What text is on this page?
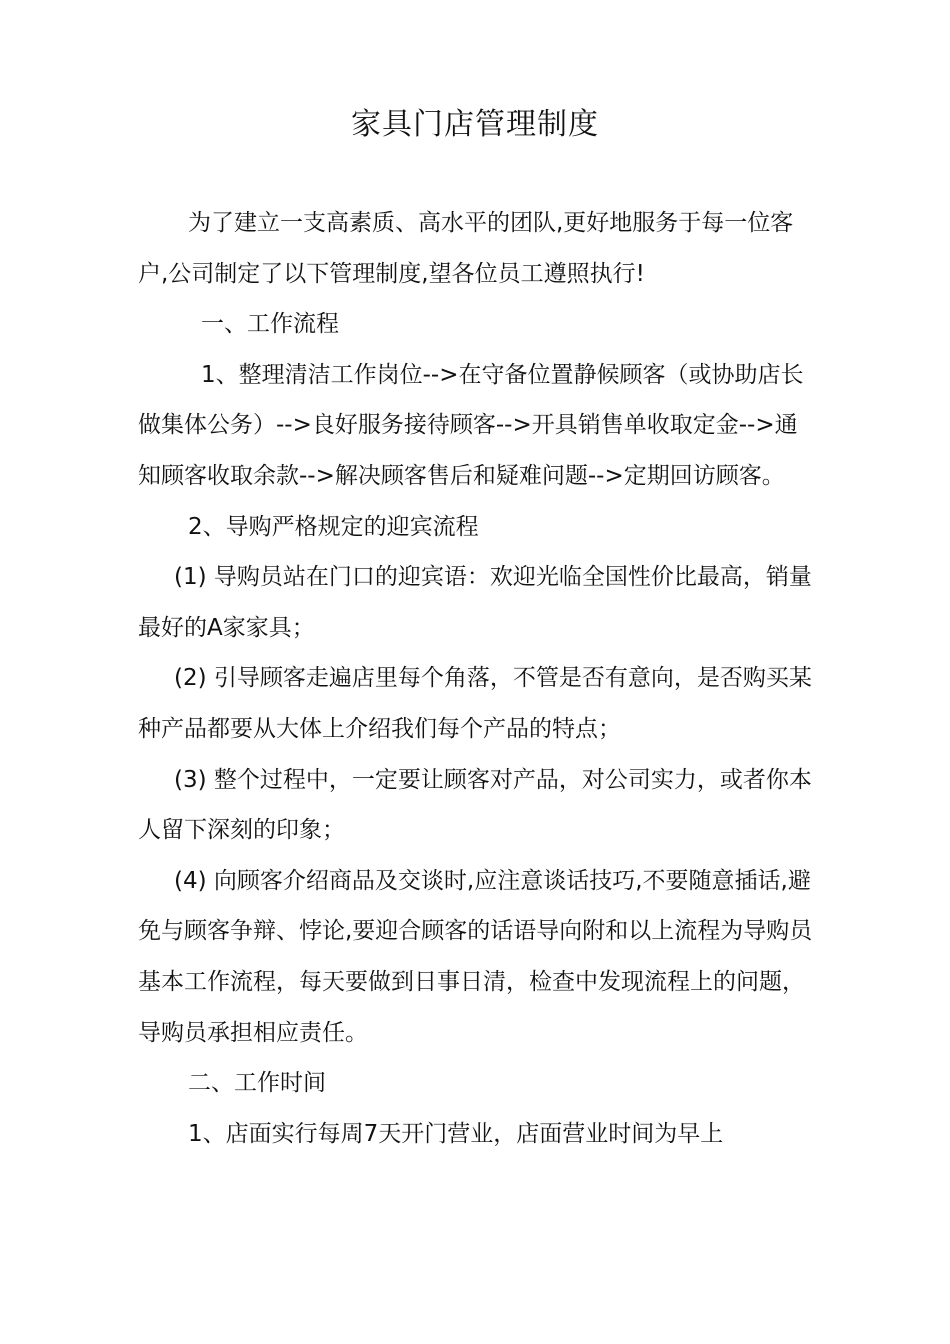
家具门店管理制度

为了建立一支高素质、高水平的团队,更好地服务于每一位客户,公司制定了以下管理制度,望各位员工遵照执行!

一、工作流程

1、整理清洁工作岗位-->在守备位置静候顾客（或协助店长做集体公务）-->良好服务接待顾客-->开具销售单收取定金-->通知顾客收取余款-->解决顾客售后和疑难问题-->定期回访顾客。

2、导购严格规定的迎宾流程

(1) 导购员站在门口的迎宾语：欢迎光临全国性价比最高，销量最好的A家家具；

(2) 引导顾客走遍店里每个角落，不管是否有意向，是否购买某种产品都要从大体上介绍我们每个产品的特点；

(3) 整个过程中，一定要让顾客对产品，对公司实力，或者你本人留下深刻的印象；

(4) 向顾客介绍商品及交谈时,应注意谈话技巧,不要随意插话,避免与顾客争辩、悖论,要迎合顾客的话语导向附和以上流程为导购员基本工作流程，每天要做到日事日清，检查中发现流程上的问题，导购员承担相应责任。

二、工作时间

1、店面实行每周7天开门营业，店面营业时间为早上
